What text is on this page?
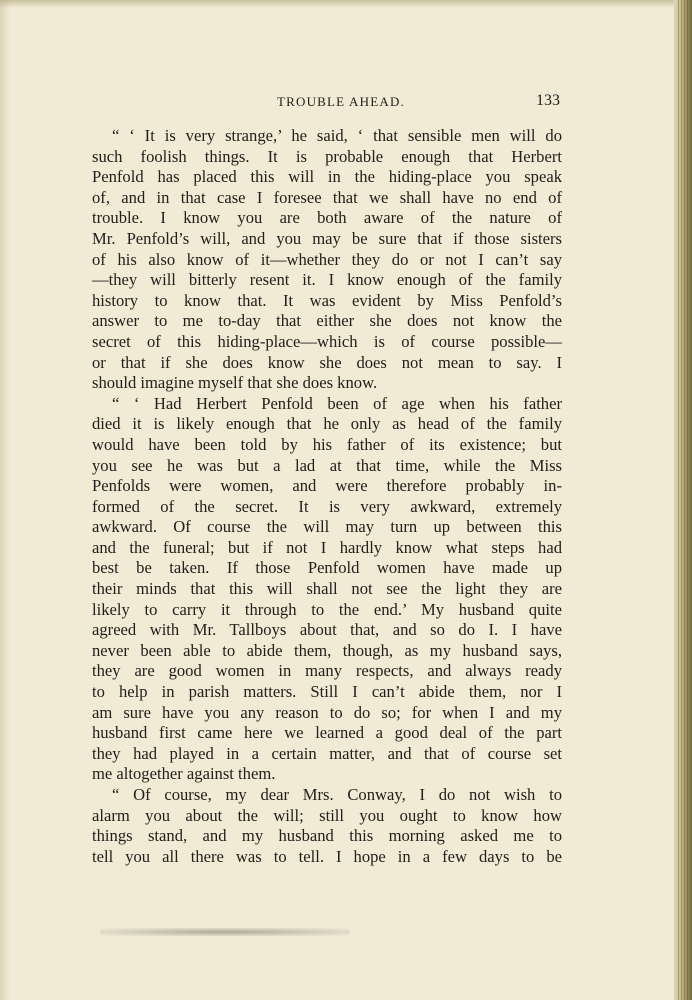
TROUBLE AHEAD.	133
“ ‘ It is very strange,’ he said, ‘ that sensible men will do
such foolish things. It is probable enough that Herbert
Penfold has placed this will in the hiding-place you speak
of, and in that case I foresee that we shall have no end of
trouble. I know you are both aware of the nature of
Mr. Penfold’s will, and you may be sure that if those sisters
of his also know of it—whether they do or not I can’t say
—they will bitterly resent it. I know enough of the family
history to know that. It was evident by Miss Penfold’s
answer to me to-day that either she does not know the
secret of this hiding-place—which is of course possible—
or that if she does know she does not mean to say. I
should imagine myself that she does know.
“ ‘ Had Herbert Penfold been of age when his father
died it is likely enough that he only as head of the family
would have been told by his father of its existence; but
you see he was but a lad at that time, while the Miss
Penfolds were women, and were therefore probably in-
formed of the secret. It is very awkward, extremely
awkward. Of course the will may turn up between this
and the funeral; but if not I hardly know what steps had
best be taken. If those Penfold women have made up
their minds that this will shall not see the light they are
likely to carry it through to the end.’ My husband quite
agreed with Mr. Tallboys about that, and so do I. I have
never been able to abide them, though, as my husband says,
they are good women in many respects, and always ready
to help in parish matters. Still I can’t abide them, nor I
am sure have you any reason to do so; for when I and my
husband first came here we learned a good deal of the part
they had played in a certain matter, and that of course set
me altogether against them.
“ Of course, my dear Mrs. Conway, I do not wish to
alarm you about the will; still you ought to know how
things stand, and my husband this morning asked me to
tell you all there was to tell. I hope in a few days to be
